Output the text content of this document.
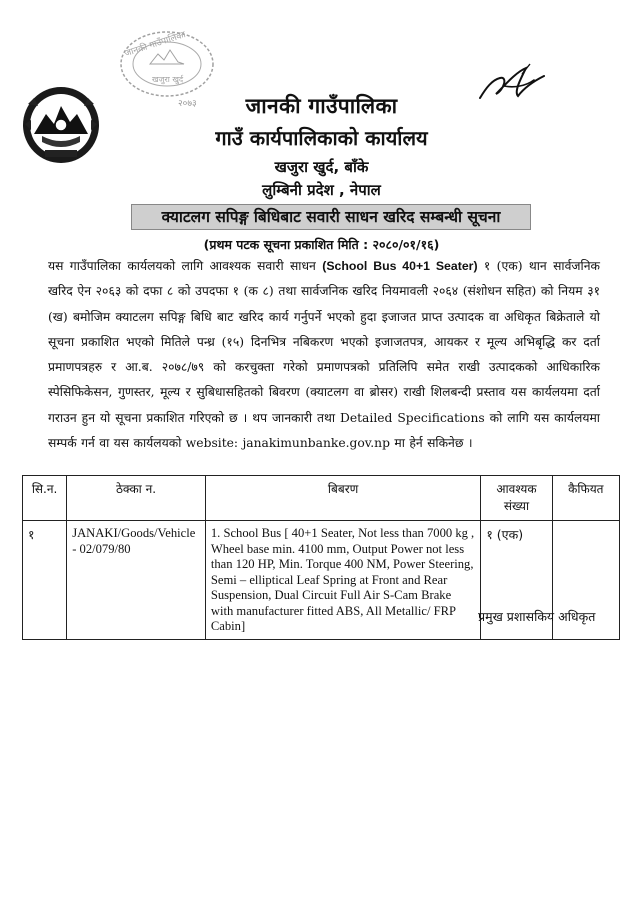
जानकी गाउँपालिका
खजुरा खुर्द
२०७३	जानकी गाउँपालिका
गाउँ कार्यपालिकाको कार्यालय
खजुरा खुर्द, बाँके
लुम्बिनी प्रदेश , नेपाल
क्याटलग सपिङ्ग बिधिबाट सवारी साधन खरिद सम्बन्धी सूचना
(प्रथम पटक सूचना प्रकाशित मिति : २०८०/०१/१६)
यस गाउँपालिका कार्यलयको लागि आवश्यक सवारी साधन (School Bus 40+1 Seater) १ (एक) थान सार्वजनिक खरिद ऐन २०६३ को दफा ८ को उपदफा १ (क ८) तथा सार्वजनिक खरिद नियमावली २०६४ (संशोधन सहित) को नियम ३१ (ख) बमोजिम क्याटलग सपिङ्ग बिधि बाट खरिद कार्य गर्नुपर्ने भएको हुदा इजाजत प्राप्त उत्पादक वा अधिकृत बिक्रेताले यो सूचना प्रकाशित भएको मितिले पन्ध्र (१५) दिनभित्र नबिकरण भएको इजाजतपत्र, आयकर र मूल्य अभिबृद्धि कर दर्ता प्रमाणपत्रहरु र आ.ब. २०७८/७९ को करचुक्ता गरेको प्रमाणपत्रको प्रतिलिपि समेत राखी उत्पादकको आधिकारिक स्पेसिफिकेसन, गुणस्तर, मूल्य र सुबिधासहितको बिवरण (क्याटलग वा ब्रोसर) राखी शिलबन्दी प्रस्ताव यस कार्यलयमा दर्ता गराउन हुन यो सूचना प्रकाशित गरिएको छ । थप जानकारी तथा Detailed Specifications को लागि यस कार्यलयमा सम्पर्क गर्न वा यस कार्यलयको website: janakimunbanke.gov.np मा हेर्न सकिनेछ ।
सि.न.	ठेक्का न.	बिबरण	आवश्यक संख्या	कैफियत
१	JANAKI/Goods/Vehicle - 02/079/80	1. School Bus [ 40+1 Seater, Not less than 7000 kg , Wheel base min. 4100 mm, Output Power not less than 120 HP, Min. Torque 400 NM, Power Steering, Semi – elliptical Leaf Spring at Front and Rear Suspension, Dual Circuit Full Air S-Cam Brake with manufacturer fitted ABS, All Metallic/ FRP Cabin]	१ (एक)	
प्रमुख प्रशासकिय अधिकृत
